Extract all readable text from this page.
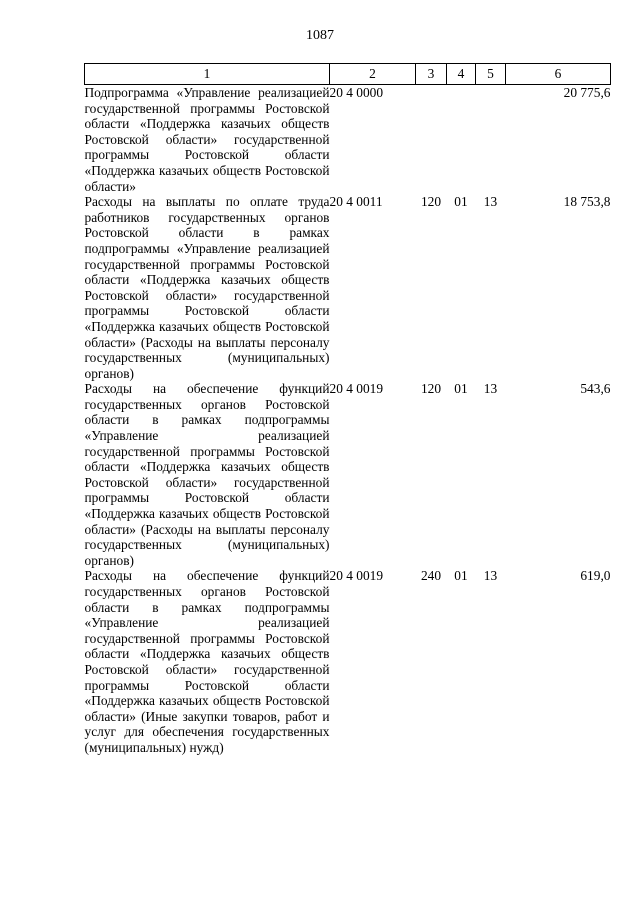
1087
1	2	3	4	5	6

Подпрограмма «Управление реализацией государственной программы Ростовской области «Поддержка казачьих обществ Ростовской области» государственной программы Ростовской области «Поддержка казачьих обществ Ростовской области»	20 4 0000				20 775,6

Расходы на выплаты по оплате труда работников государственных органов Ростовской области в рамках подпрограммы «Управление реализацией государственной программы Ростовской области «Поддержка казачьих обществ Ростовской области» государственной программы Ростовской области «Поддержка казачьих обществ Ростовской области» (Расходы на выплаты персоналу государственных (муниципальных) органов)	20 4 0011	120	01	13	18 753,8

Расходы на обеспечение функций государственных органов Ростовской области в рамках подпрограммы «Управление реализацией государственной программы Ростовской области «Поддержка казачьих обществ Ростовской области» государственной программы Ростовской области «Поддержка казачьих обществ Ростовской области» (Расходы на выплаты персоналу государственных (муниципальных) органов)	20 4 0019	120	01	13	543,6

Расходы на обеспечение функций государственных органов Ростовской области в рамках подпрограммы «Управление реализацией государственной программы Ростовской области «Поддержка казачьих обществ Ростовской области» государственной программы Ростовской области «Поддержка казачьих обществ Ростовской области» (Иные закупки товаров, работ и услуг для обеспечения государственных (муниципальных) нужд)	20 4 0019	240	01	13	619,0
